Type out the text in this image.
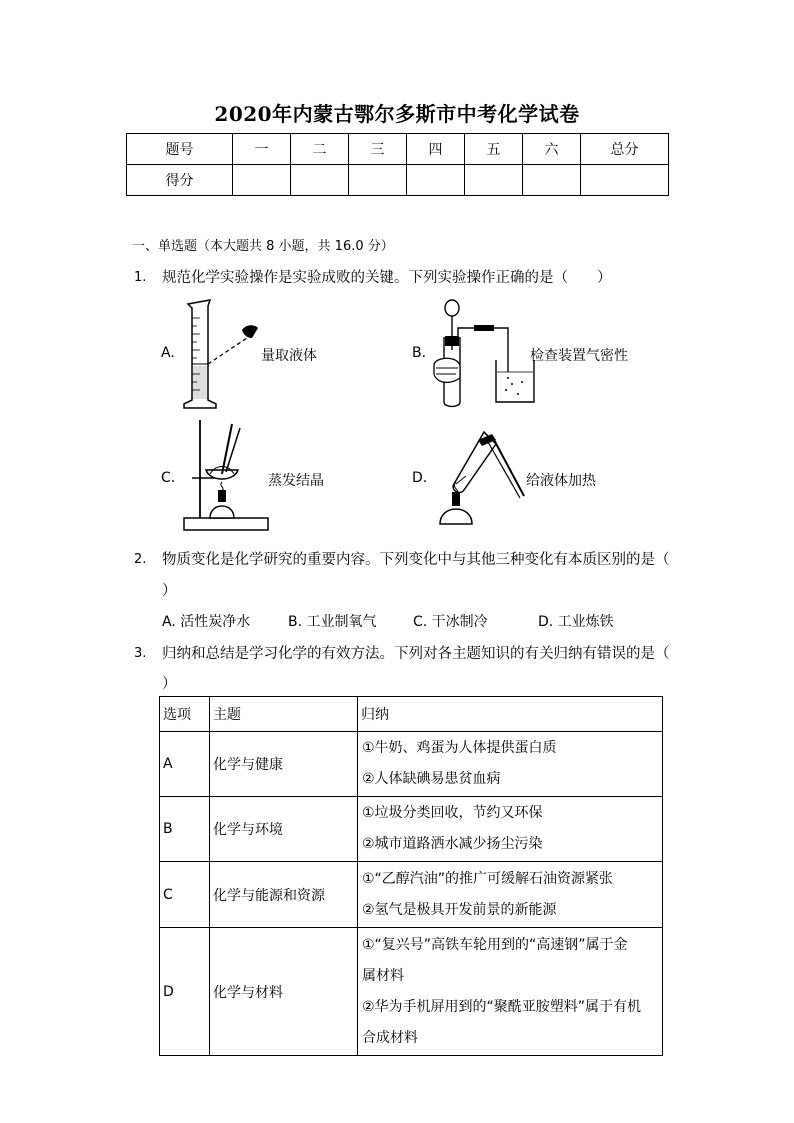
2020年内蒙古鄂尔多斯市中考化学试卷
题号	一	二	三	四	五	六	总分
得分							
一、单选题（本大题共 8 小题，共 16.0 分）
1. 规范化学实验操作是实验成败的关键。下列实验操作正确的是（　　）
A.	量取液体	B.	检查装置气密性
C.	蒸发结晶	D.	给液体加热
2. 物质变化是化学研究的重要内容。下列变化中与其他三种变化有本质区别的是（
）
A. 活性炭净水	B. 工业制氧气	C. 干冰制冷	D. 工业炼铁
3. 归纳和总结是学习化学的有效方法。下列对各主题知识的有关归纳有错误的是（
）
选项	主题	归纳
A	化学与健康	①牛奶、鸡蛋为人体提供蛋白质
②人体缺碘易患贫血病

B	化学与环境	①垃圾分类回收，节约又环保
②城市道路洒水减少扬尘污染

C	化学与能源和资源	①“乙醇汽油”的推广可缓解石油资源紧张
②氢气是极具开发前景的新能源

D	化学与材料	①“复兴号”高铁车轮用到的“高速钢”属于金
属材料
②华为手机屏用到的“聚酰亚胺塑料”属于有机
合成材料
